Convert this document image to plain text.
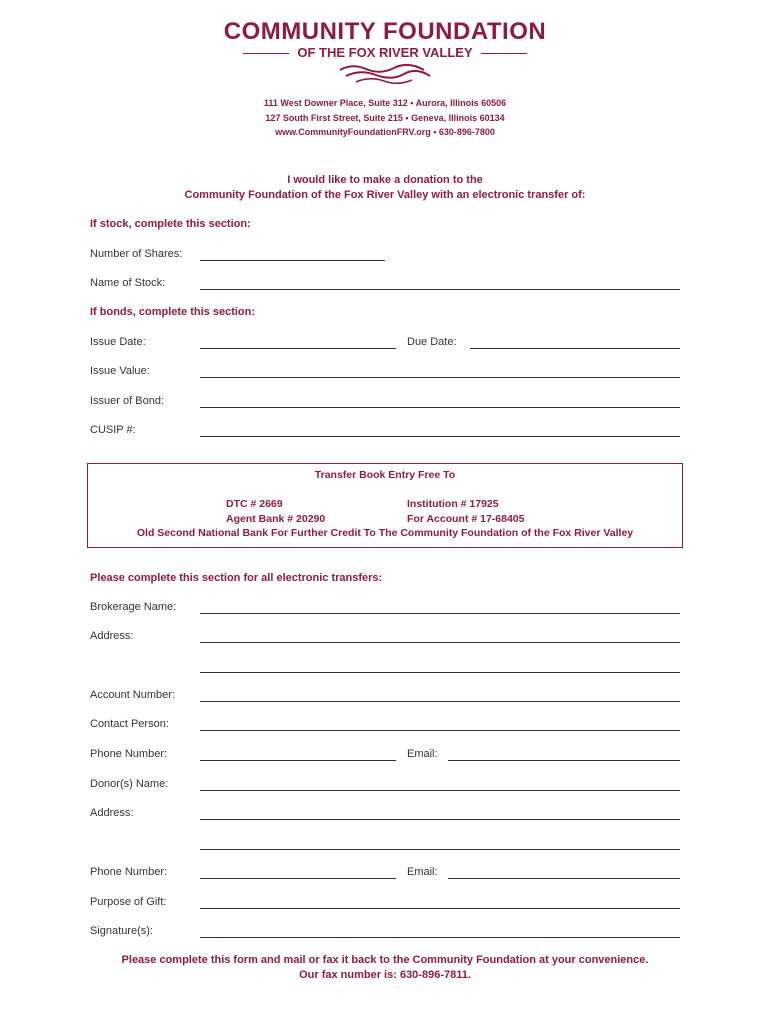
COMMUNITY FOUNDATION
OF THE FOX RIVER VALLEY
111 West Downer Place, Suite 312 • Aurora, Illinois 60506
127 South First Street, Suite 215 • Geneva, Illinois 60134
www.CommunityFoundationFRV.org • 630-896-7800
I would like to make a donation to the
Community Foundation of the Fox River Valley with an electronic transfer of:
If stock, complete this section:
Number of Shares:
Name of Stock:
If bonds, complete this section:
Issue Date:	Due Date:
Issue Value:
Issuer of Bond:
CUSIP #:
Transfer Book Entry Free To
DTC # 2669	Institution # 17925
Agent Bank # 20290	For Account # 17-68405
Old Second National Bank For Further Credit To The Community Foundation of the Fox River Valley
Please complete this section for all electronic transfers:
Brokerage Name:
Address:
Account Number:
Contact Person:
Phone Number:	Email:
Donor(s) Name:
Address:
Phone Number:	Email:
Purpose of Gift:
Signature(s):
Please complete this form and mail or fax it back to the Community Foundation at your convenience.
Our fax number is: 630-896-7811.
